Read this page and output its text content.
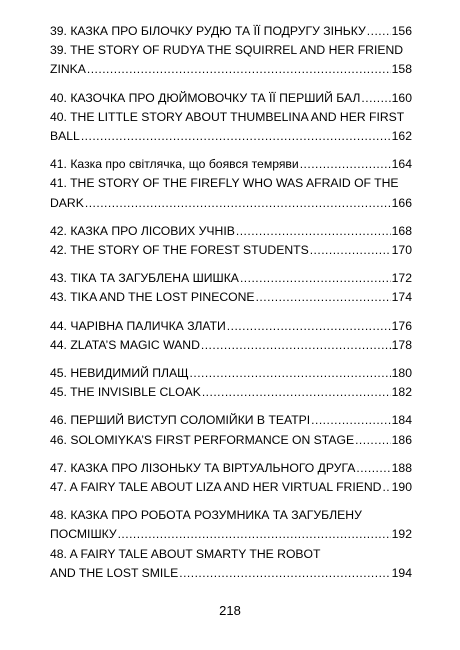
39. КАЗКА ПРО БІЛОЧКУ РУДЮ ТА ЇЇ ПОДРУГУ ЗІНЬКУ ..... 156
39. THE STORY OF RUDYA THE SQUIRREL AND HER FRIEND
ZINKA .....	158
40. КАЗОЧКА ПРО ДЮЙМОВОЧКУ ТА ЇЇ ПЕРШИЙ БАЛ .....	160
40. THE LITTLE STORY ABOUT THUMBELINA AND HER FIRST
BALL .....	162
41. Казка про світлячка, що боявся темряви .....	164
41. THE STORY OF THE FIREFLY WHO WAS AFRAID OF THE
DARK .....	166
42. КАЗКА ПРО ЛІСОВИХ УЧНІВ .....	168
42. THE STORY OF THE FOREST STUDENTS .....	170
43. ТІКА ТА ЗАГУБЛЕНА ШИШКА .....	172
43. TIKA AND THE LOST PINECONE .....	174
44. ЧАРІВНА ПАЛИЧКА ЗЛАТИ .....	176
44. ZLATA’S MAGIC WAND .....	178
45. НЕВИДИМИЙ ПЛАЩ .....	180
45. THE INVISIBLE CLOAK .....	182
46. ПЕРШИЙ ВИСТУП СОЛОМІЙКИ В ТЕАТРІ .....	184
46. SOLOMIYKA’S FIRST PERFORMANCE ON STAGE .....	186
47. КАЗКА ПРО ЛІЗОНЬКУ ТА ВІРТУАЛЬНОГО ДРУГА .....	188
47. A FAIRY TALE ABOUT LIZA AND HER VIRTUAL FRIEND ..... 190
48. КАЗКА ПРО РОБОТА РОЗУМНИКА ТА ЗАГУБЛЕНУ
ПОСМІШКУ .....	192
48. A FAIRY TALE ABOUT SMARTY THE ROBOT
AND THE LOST SMILE .....	194
218
